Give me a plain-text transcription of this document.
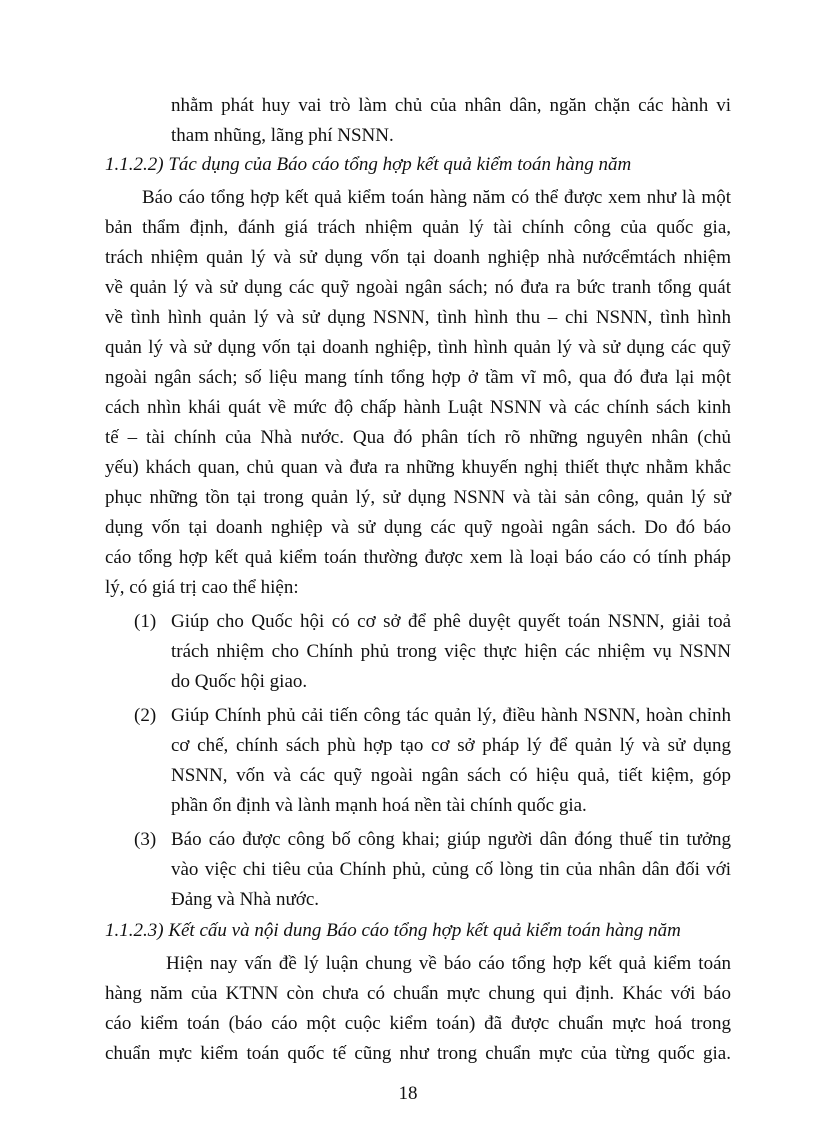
nhằm phát huy vai trò làm chủ của nhân dân, ngăn chặn các hành vi
tham nhũng, lãng phí NSNN.
1.1.2.2) Tác dụng của Báo cáo tổng hợp kết quả kiểm toán hàng năm
Báo cáo tổng hợp kết quả kiểm toán hàng năm có thể được xem như là một
bản thẩm định, đánh giá trách nhiệm quản lý tài chính công của quốc gia,
trách nhiệm quản lý và sử dụng vốn tại doanh nghiệp nhà nướcểmtách nhiệm
về quản lý và sử dụng các quỹ ngoài ngân sách; nó đưa ra bức tranh tổng quát
về tình hình quản lý và sử dụng NSNN, tình hình thu – chi NSNN, tình hình
quản lý và sử dụng vốn tại doanh nghiệp, tình hình quản lý và sử dụng các quỹ
ngoài ngân sách; số liệu mang tính tổng hợp ở tầm vĩ mô, qua đó đưa lại một
cách nhìn khái quát về mức độ chấp hành Luật NSNN và các chính sách kinh
tế – tài chính của Nhà nước. Qua đó phân tích rõ những nguyên nhân (chủ
yếu) khách quan, chủ quan và đưa ra những khuyến nghị thiết thực nhằm khắc
phục những tồn tại trong quản lý, sử dụng NSNN và tài sản công, quản lý sử
dụng vốn tại doanh nghiệp và sử dụng các quỹ ngoài ngân sách. Do đó báo
cáo tổng hợp kết quả kiểm toán thường được xem là loại báo cáo có tính pháp
lý, có giá trị cao thể hiện:
(1) Giúp cho Quốc hội có cơ sở để phê duyệt quyết toán NSNN, giải toả
trách nhiệm cho Chính phủ trong việc thực hiện các nhiệm vụ NSNN
do Quốc hội giao.
(2) Giúp Chính phủ cải tiến công tác quản lý, điều hành NSNN, hoàn chỉnh
cơ chế, chính sách phù hợp tạo cơ sở pháp lý để quản lý và sử dụng
NSNN, vốn và các quỹ ngoài ngân sách có hiệu quả, tiết kiệm, góp
phần ổn định và lành mạnh hoá nền tài chính quốc gia.
(3) Báo cáo được công bố công khai; giúp người dân đóng thuế tin tưởng
vào việc chi tiêu của Chính phủ, củng cố lòng tin của nhân dân đối với
Đảng và Nhà nước.
1.1.2.3) Kết cấu và nội dung Báo cáo tổng hợp kết quả kiểm toán hàng năm
Hiện nay vấn đề lý luận chung về báo cáo tổng hợp kết quả kiểm toán
hàng năm của KTNN còn chưa có chuẩn mực chung qui định. Khác với báo
cáo kiểm toán (báo cáo một cuộc kiểm toán) đã được chuẩn mực hoá trong
chuẩn mực kiểm toán quốc tế cũng như trong chuẩn mực của từng quốc gia.
18
